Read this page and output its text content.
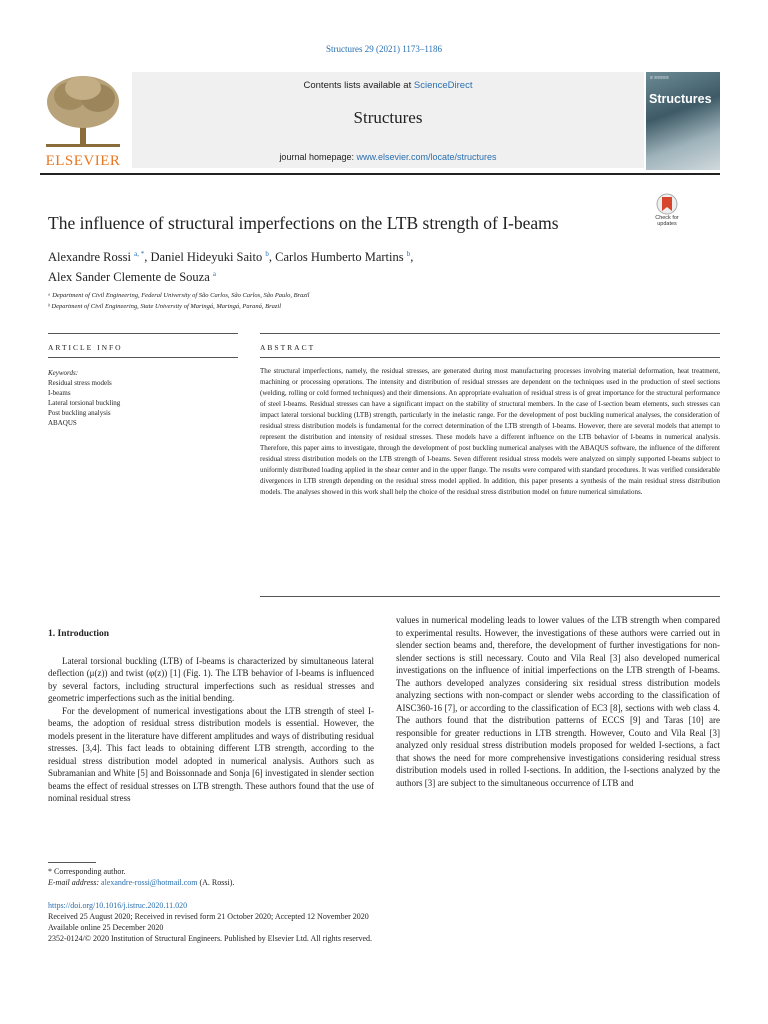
Structures 29 (2021) 1173–1186
ELSEVIER
Contents lists available at ScienceDirect
Structures
journal homepage: www.elsevier.com/locate/structures
≡ ≡≡≡≡≡
Structures
The influence of structural imperfections on the LTB strength of I-beams	Check for updates
Alexandre Rossi $^{a, *}$, Daniel Hideyuki Saito $^b$, Carlos Humberto Martins $^b$,
Alex Sander Clemente de Souza $^a$
ᵃ Department of Civil Engineering, Federal University of São Carlos, São Carlos, São Paulo, Brazil
ᵇ Department of Civil Engineering, State University of Maringá, Maringá, Paraná, Brazil
ARTICLE INFO	ABSTRACT
Keywords:
Residual stress models
I-beams
Lateral torsional buckling
Post buckling analysis
ABAQUS
The structural imperfections, namely, the residual stresses, are generated during most manufacturing processes involving material deformation, heat treatment, machining or processing operations. The intensity and distribution of residual stresses are dependent on the techniques used in the production of steel sections (welding, rolling or cold formed techniques) and their dimensions. An appropriate evaluation of residual stress is of great importance for the structural performance of steel I-beams. Residual stresses can have a significant impact on the stability of structural members. In the case of I-section beam elements, such stresses can impact lateral torsional buckling (LTB) strength, particularly in the inelastic range. For the development of post buckling numerical analyses, the consideration of residual stress distribution models is fundamental for the correct determination of the LTB strength of I-beams. However, there are several models that attempt to represent the distribution and intensity of residual stresses. These models have a different influence on the LTB behavior of I-beams in numerical analysis. Therefore, this paper aims to investigate, through the development of post buckling numerical analyses with the ABAQUS software, the influence of the different residual stress distribution models on the LTB strength of I-beams. Seven different residual stress models were analyzed on simply supported I-beams subject to uniformly distributed loading applied in the shear center and in the upper flange. The results were compared with standard procedures. It was verified considerable divergences in LTB strength depending on the residual stress model applied. In addition, this paper presents a synthesis of the main residual stress distribution models. The analyses showed in this work shall help the choice of the residual stress distribution model on future numerical simulations.
1. Introduction

Lateral torsional buckling (LTB) of I-beams is characterized by simultaneous lateral deflection (μ(z)) and twist (φ(z)) [1] (Fig. 1). The LTB behavior of I-beams is influenced by several factors, including structural imperfections such as residual stresses and geometric imperfections such as the initial bending.

For the development of numerical investigations about the LTB strength of steel I-beams, the adoption of residual stress distribution models is essential. However, the models present in the literature have different amplitudes and ways of distributing residual stresses. [3,4]. This fact leads to obtaining different LTB strength, according to the residual stress distribution model adopted in numerical analysis. Authors such as Subramanian and White [5] and Boissonnade and Sonja [6] investigated in slender section beams the effect of residual stresses on LTB strength. These authors found that the use of nominal residual stress

values in numerical modeling leads to lower values of the LTB strength when compared to experimental results. However, the investigations of these authors were carried out in slender section beams and, therefore, the development of further investigations for non-slender sections is still necessary. Couto and Vila Real [3] also developed numerical investigations on the influence of initial imperfections on the LTB strength of I-beams. The authors developed analyzes considering six residual stress distribution models analyzing sections with non-compact or slender webs according to the classification of AISC360-16 [7], or according to the classification of EC3 [8], sections with web class 4. The authors found that the distribution patterns of ECCS [9] and Taras [10] are responsible for greater reductions in LTB strength. However, Couto and Vila Real [3] analyzed only residual stress distribution models proposed for welded I-sections, a fact that shows the need for more comprehensive investigations considering residual stress distribution models used in rolled I-sections. In addition, the I-sections analyzed by the authors [3] are subject to the simultaneous occurrence of LTB and

* Corresponding author.
E-mail address: alexandre-rossi@hotmail.com (A. Rossi).
https://doi.org/10.1016/j.istruc.2020.11.020
Received 25 August 2020; Received in revised form 21 October 2020; Accepted 12 November 2020
Available online 25 December 2020
2352-0124/© 2020 Institution of Structural Engineers. Published by Elsevier Ltd. All rights reserved.
